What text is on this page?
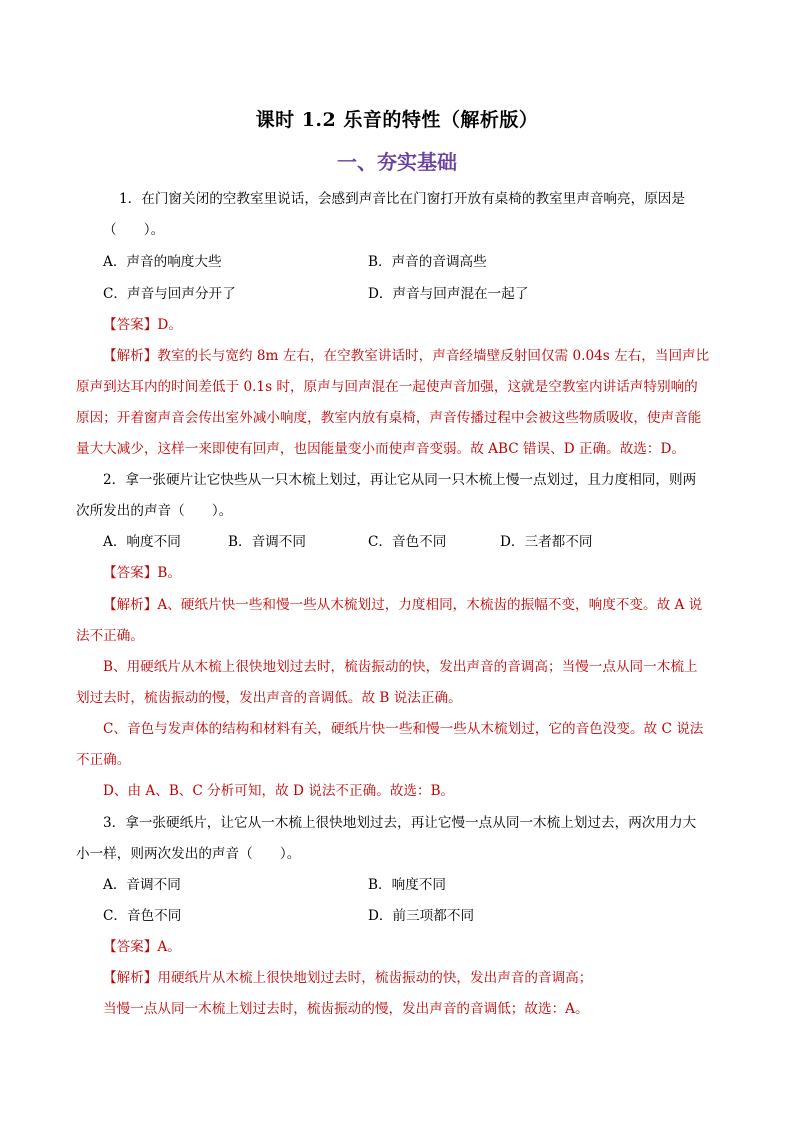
课时 1.2 乐音的特性（解析版）
一、夯实基础
1．在门窗关闭的空教室里说话，会感到声音比在门窗打开放有桌椅的教室里声音响亮，原因是
（　　）。
A．声音的响度大些	B．声音的音调高些
C．声音与回声分开了	D．声音与回声混在一起了
【答案】D。
【解析】教室的长与宽约 8m 左右，在空教室讲话时，声音经墙壁反射回仅需 0.04s 左右，当回声比
原声到达耳内的时间差低于 0.1s 时，原声与回声混在一起使声音加强，这就是空教室内讲话声特别响的
原因；开着窗声音会传出室外减小响度，教室内放有桌椅，声音传播过程中会被这些物质吸收，使声音能
量大大减少，这样一来即使有回声，也因能量变小而使声音变弱。故 ABC 错误、D 正确。故选：D。
2．拿一张硬片让它快些从一只木梳上划过，再让它从同一只木梳上慢一点划过，且力度相同，则两
次所发出的声音（　　）。
A．响度不同	B．音调不同	C．音色不同	D．三者都不同
【答案】B。
【解析】A、硬纸片快一些和慢一些从木梳划过，力度相同，木梳齿的振幅不变，响度不变。故 A 说
法不正确。
B、用硬纸片从木梳上很快地划过去时，梳齿振动的快，发出声音的音调高；当慢一点从同一木梳上
划过去时，梳齿振动的慢，发出声音的音调低。故 B 说法正确。
C、音色与发声体的结构和材料有关，硬纸片快一些和慢一些从木梳划过，它的音色没变。故 C 说法
不正确。
D、由 A、B、C 分析可知，故 D 说法不正确。故选：B。
3．拿一张硬纸片，让它从一木梳上很快地划过去，再让它慢一点从同一木梳上划过去，两次用力大
小一样，则两次发出的声音（　　）。
A．音调不同	B．响度不同
C．音色不同	D．前三项都不同
【答案】A。
【解析】用硬纸片从木梳上很快地划过去时，梳齿振动的快，发出声音的音调高；
当慢一点从同一木梳上划过去时，梳齿振动的慢，发出声音的音调低；故选：A。
